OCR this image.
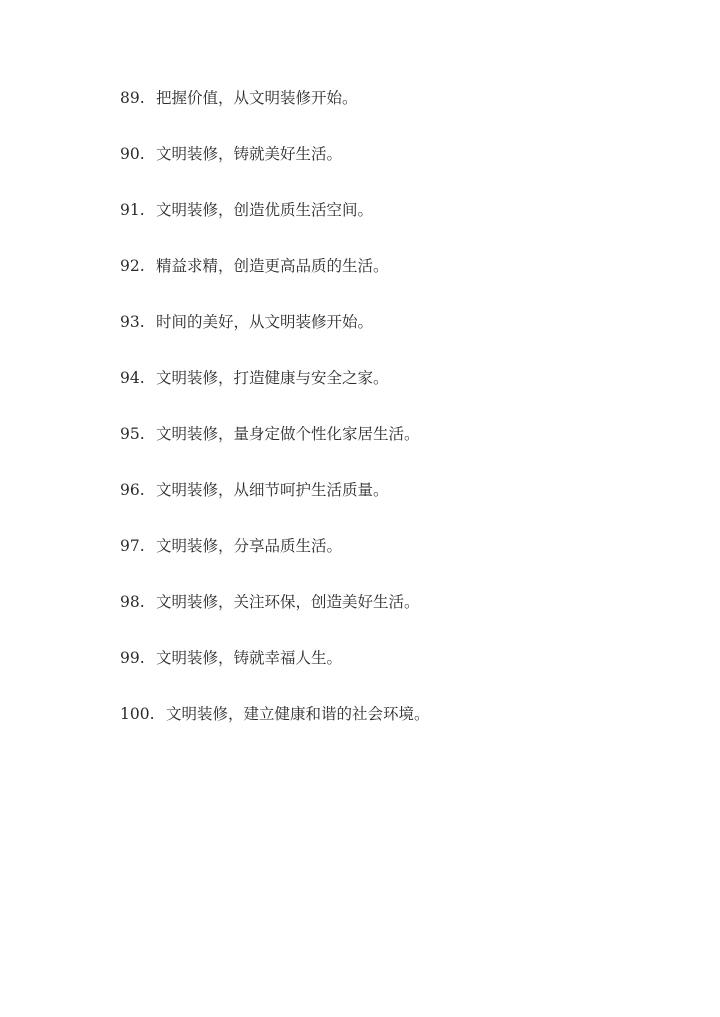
89. 把握价值，从文明装修开始。
90. 文明装修，铸就美好生活。
91. 文明装修，创造优质生活空间。
92. 精益求精，创造更高品质的生活。
93. 时间的美好，从文明装修开始。
94. 文明装修，打造健康与安全之家。
95. 文明装修，量身定做个性化家居生活。
96. 文明装修，从细节呵护生活质量。
97. 文明装修，分享品质生活。
98. 文明装修，关注环保，创造美好生活。
99. 文明装修，铸就幸福人生。
100. 文明装修，建立健康和谐的社会环境。
